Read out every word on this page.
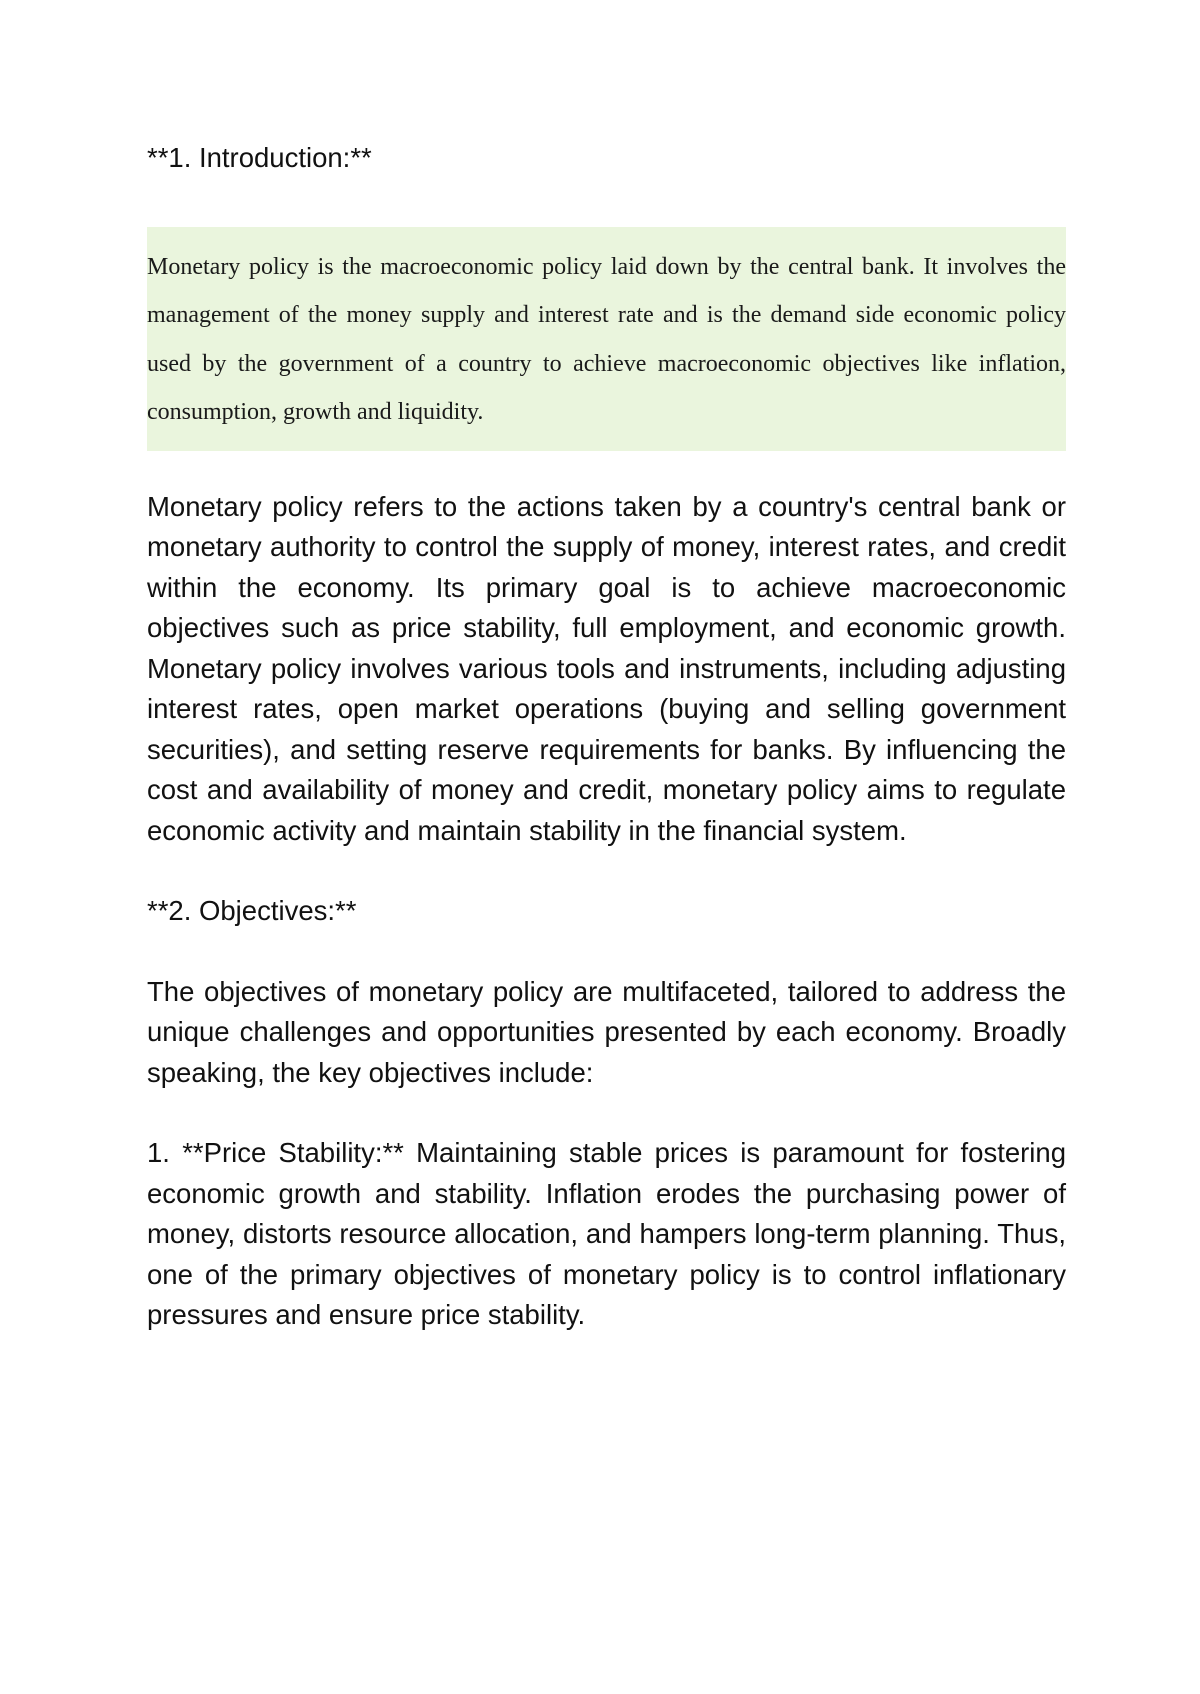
**1. Introduction:**

Monetary policy is the macroeconomic policy laid down by the central bank. It involves the management of the money supply and interest rate and is the demand side economic policy used by the government of a country to achieve macroeconomic objectives like inflation, consumption, growth and liquidity.

Monetary policy refers to the actions taken by a country's central bank or monetary authority to control the supply of money, interest rates, and credit within the economy. Its primary goal is to achieve macroeconomic objectives such as price stability, full employment, and economic growth. Monetary policy involves various tools and instruments, including adjusting interest rates, open market operations (buying and selling government securities), and setting reserve requirements for banks. By influencing the cost and availability of money and credit, monetary policy aims to regulate economic activity and maintain stability in the financial system.

**2. Objectives:**

The objectives of monetary policy are multifaceted, tailored to address the unique challenges and opportunities presented by each economy. Broadly speaking, the key objectives include:

1. **Price Stability:** Maintaining stable prices is paramount for fostering economic growth and stability. Inflation erodes the purchasing power of money, distorts resource allocation, and hampers long-term planning. Thus, one of the primary objectives of monetary policy is to control inflationary pressures and ensure price stability.
